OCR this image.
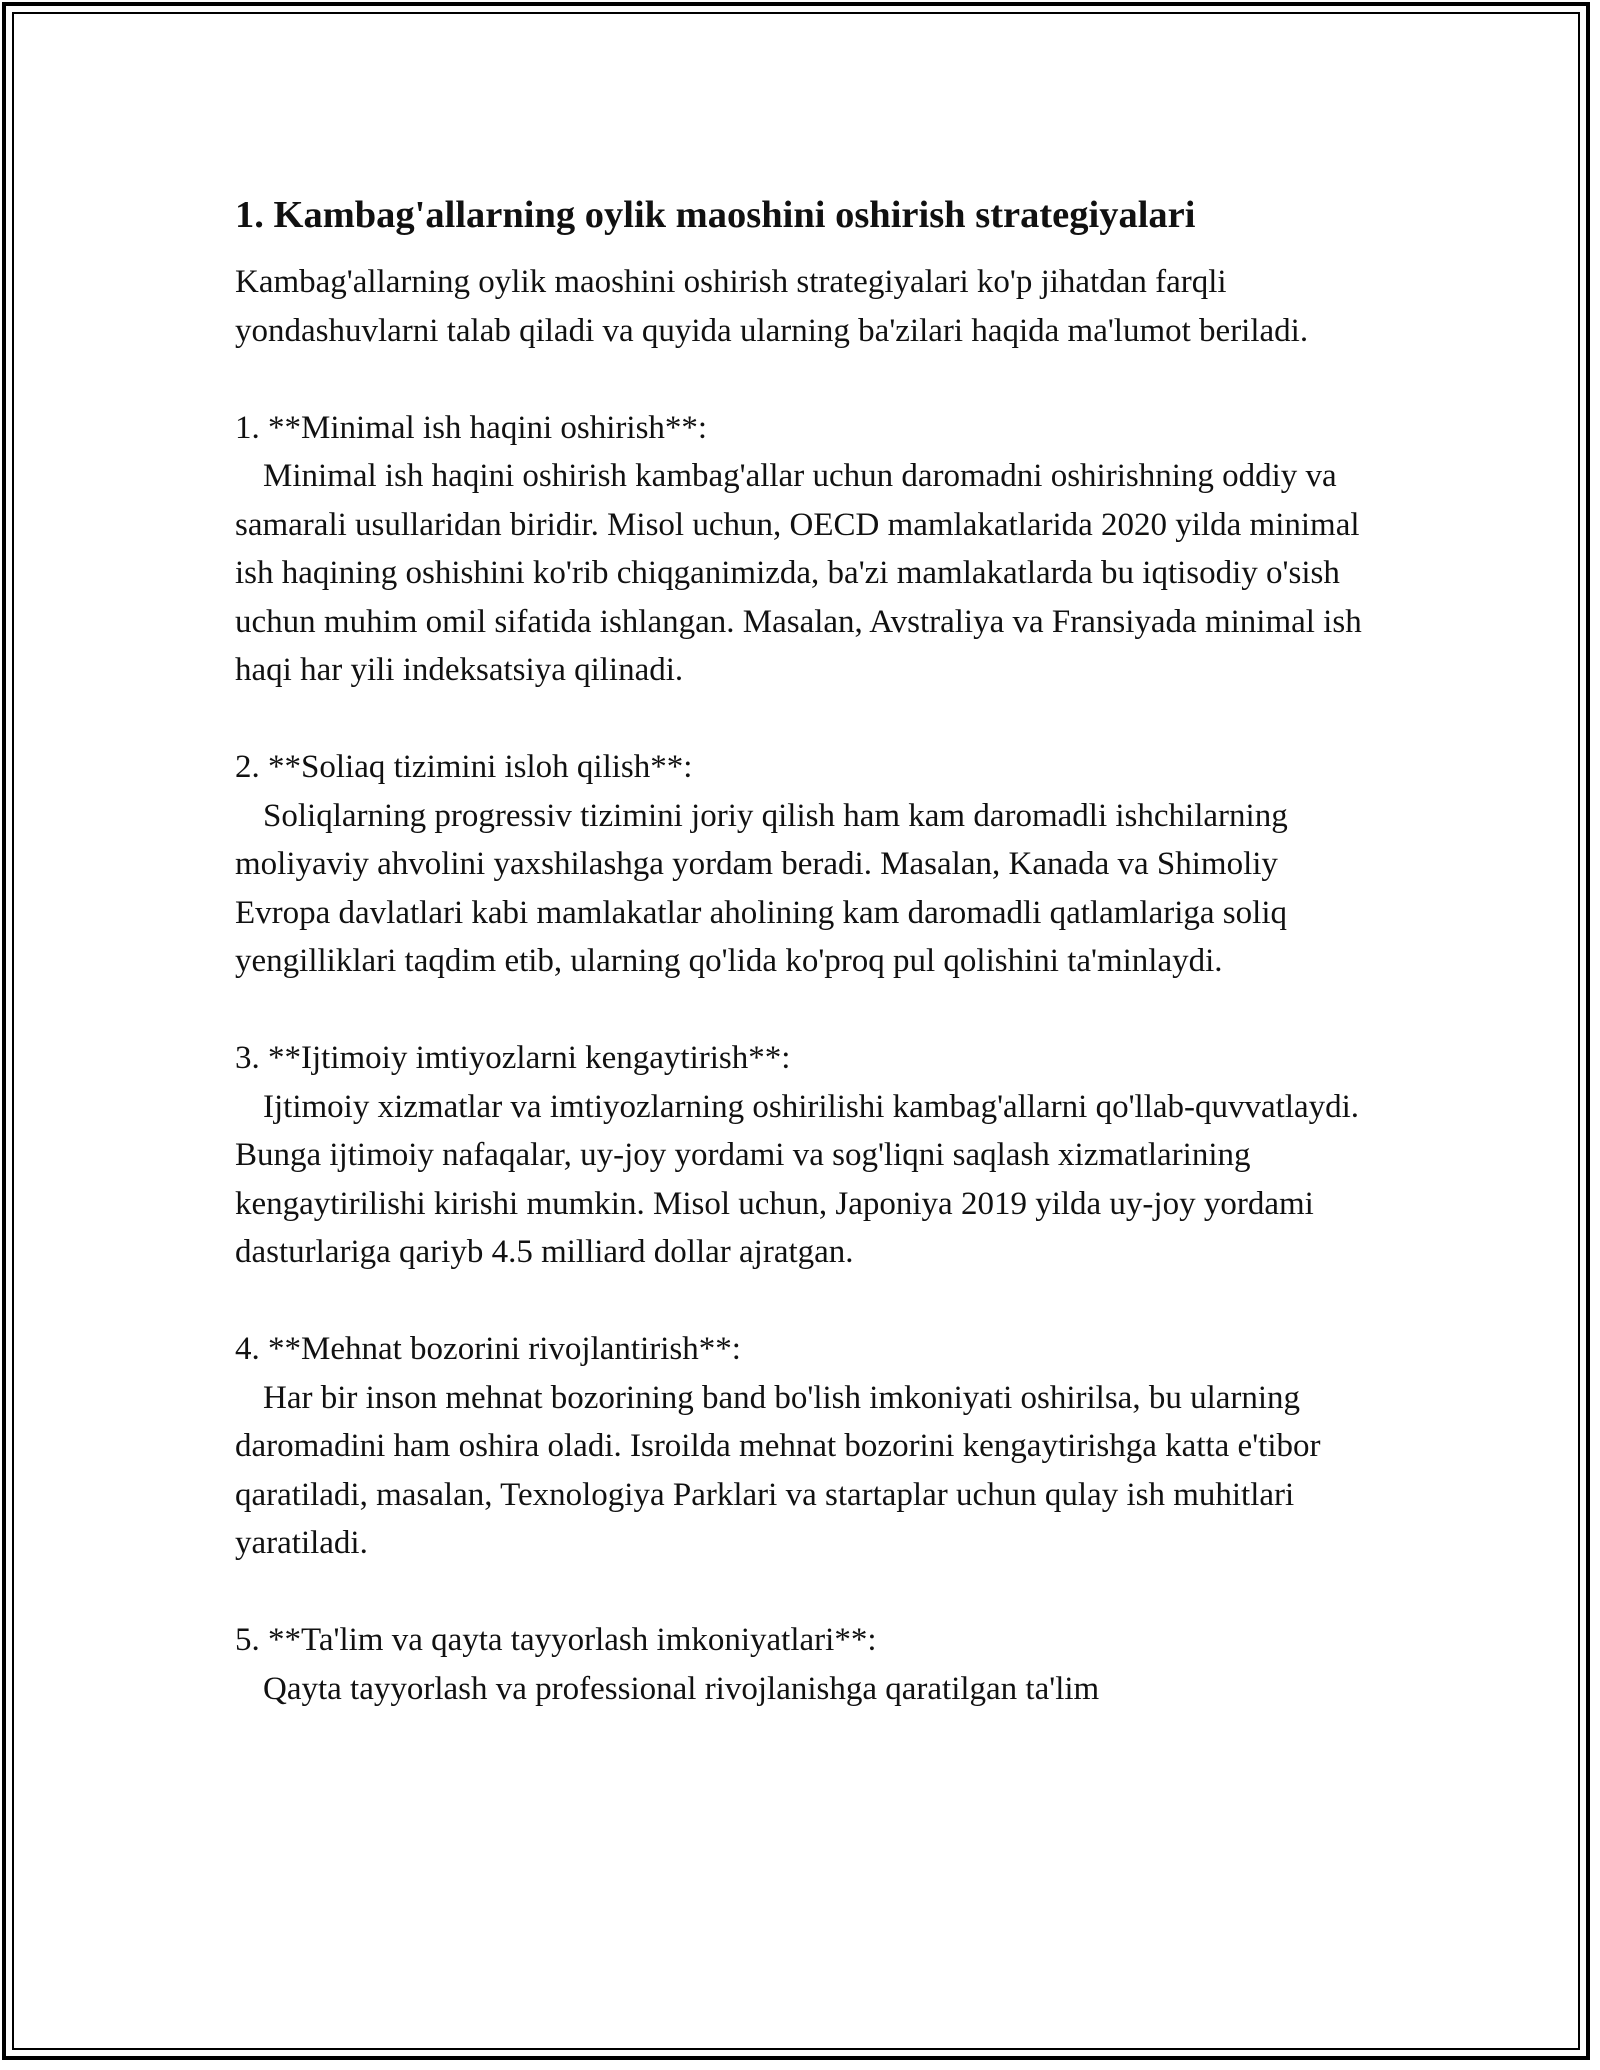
1. Kambag'allarning oylik maoshini oshirish strategiyalari

Kambag'allarning oylik maoshini oshirish strategiyalari ko'p jihatdan farqli yondashuvlarni talab qiladi va quyida ularning ba'zilari haqida ma'lumot beriladi.

1. **Minimal ish haqini oshirish**:

Minimal ish haqini oshirish kambag'allar uchun daromadni oshirishning oddiy va samarali usullaridan biridir. Misol uchun, OECD mamlakatlarida 2020 yilda minimal ish haqining oshishini ko'rib chiqganimizda, ba'zi mamlakatlarda bu iqtisodiy o'sish uchun muhim omil sifatida ishlangan. Masalan, Avstraliya va Fransiyada minimal ish haqi har yili indeksatsiya qilinadi.

2. **Soliaq tizimini isloh qilish**:

Soliqlarning progressiv tizimini joriy qilish ham kam daromadli ishchilarning moliyaviy ahvolini yaxshilashga yordam beradi. Masalan, Kanada va Shimoliy Evropa davlatlari kabi mamlakatlar aholining kam daromadli qatlamlariga soliq yengilliklari taqdim etib, ularning qo'lida ko'proq pul qolishini ta'minlaydi.

3. **Ijtimoiy imtiyozlarni kengaytirish**:

Ijtimoiy xizmatlar va imtiyozlarning oshirilishi kambag'allarni qo'llab-quvvatlaydi. Bunga ijtimoiy nafaqalar, uy-joy yordami va sog'liqni saqlash xizmatlarining kengaytirilishi kirishi mumkin. Misol uchun, Japoniya 2019 yilda uy-joy yordami dasturlariga qariyb 4.5 milliard dollar ajratgan.

4. **Mehnat bozorini rivojlantirish**:

Har bir inson mehnat bozorining band bo'lish imkoniyati oshirilsa, bu ularning daromadini ham oshira oladi. Isroilda mehnat bozorini kengaytirishga katta e'tibor qaratiladi, masalan, Texnologiya Parklari va startaplar uchun qulay ish muhitlari yaratiladi.

5. **Ta'lim va qayta tayyorlash imkoniyatlari**:

Qayta tayyorlash va professional rivojlanishga qaratilgan ta'lim
